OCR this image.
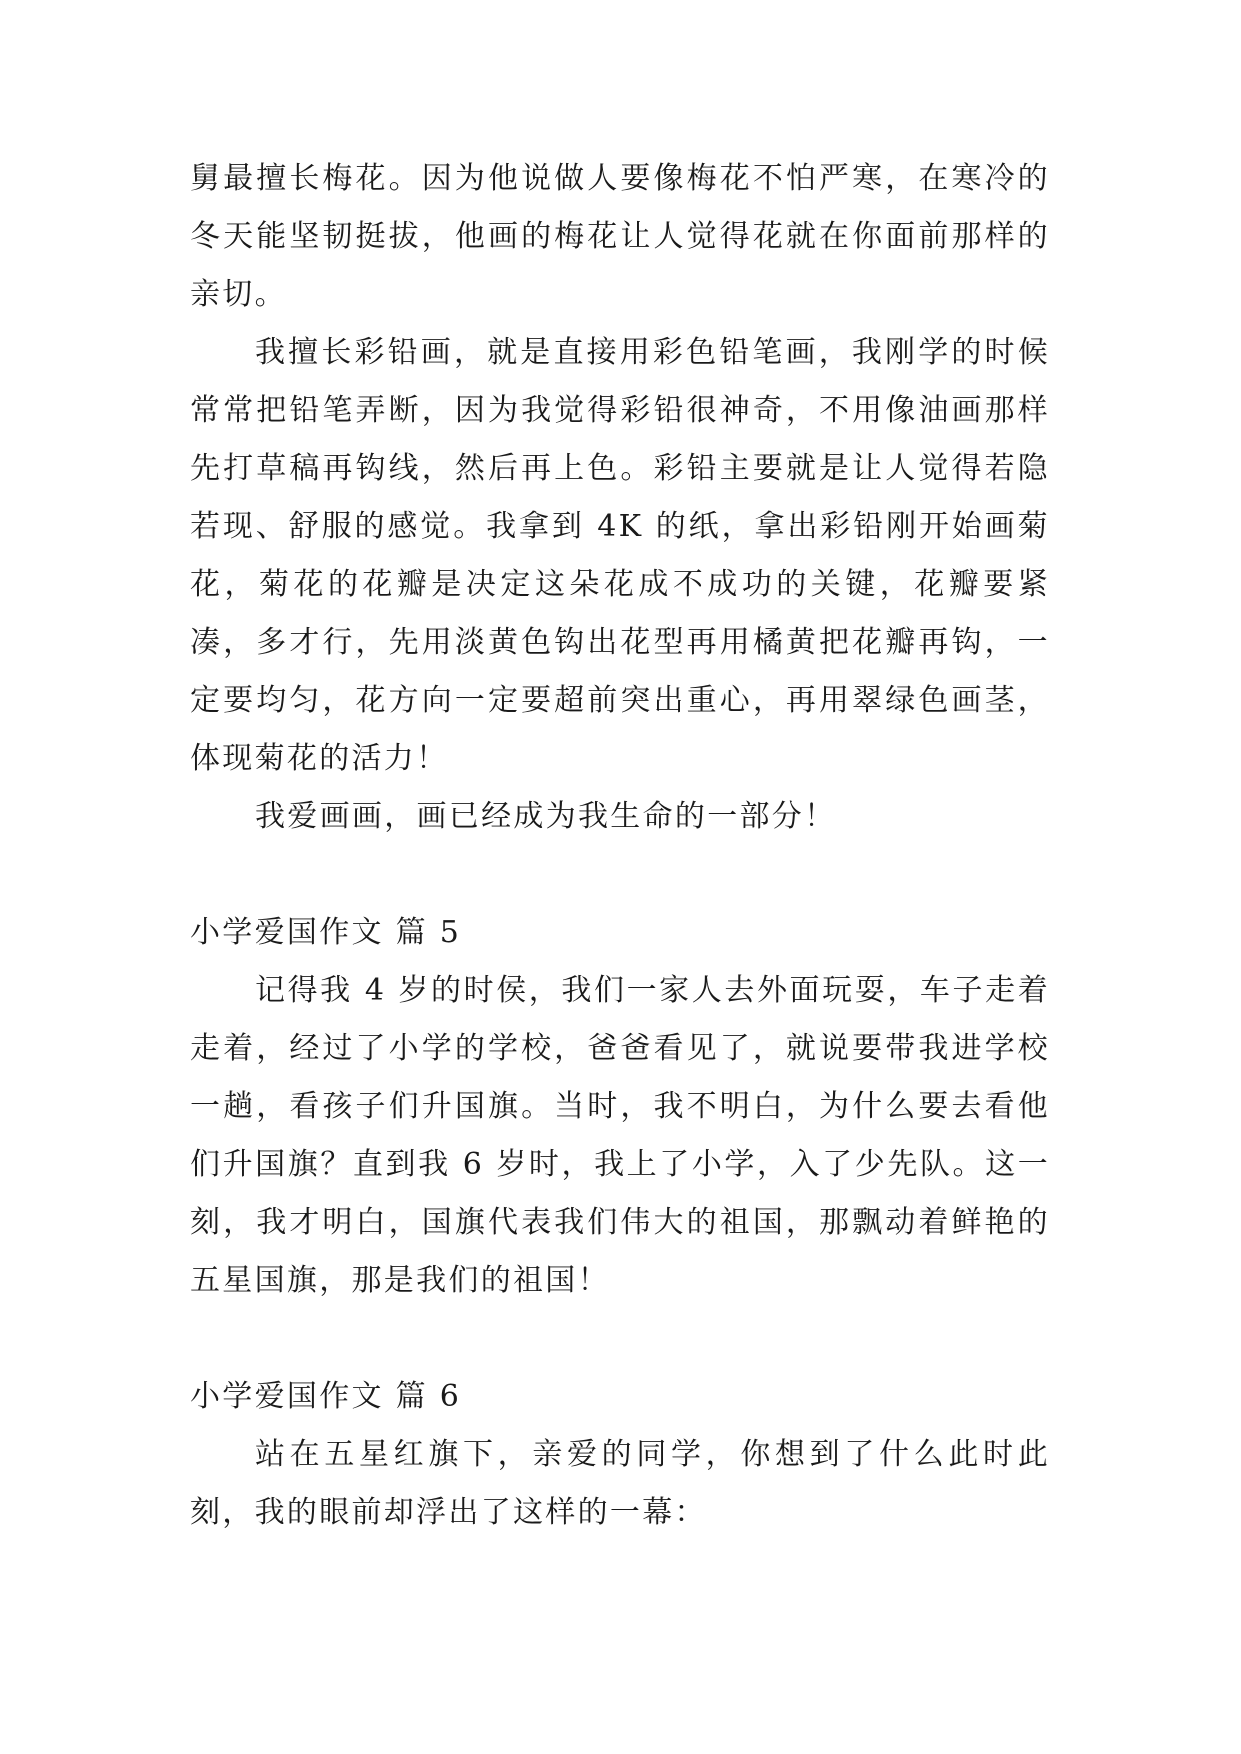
舅最擅长梅花。因为他说做人要像梅花不怕严寒，在寒冷的冬天能坚韧挺拔，他画的梅花让人觉得花就在你面前那样的亲切。

我擅长彩铅画，就是直接用彩色铅笔画，我刚学的时候常常把铅笔弄断，因为我觉得彩铅很神奇，不用像油画那样先打草稿再钩线，然后再上色。彩铅主要就是让人觉得若隐若现、舒服的感觉。我拿到 4K 的纸，拿出彩铅刚开始画菊花，菊花的花瓣是决定这朵花成不成功的关键，花瓣要紧凑，多才行，先用淡黄色钩出花型再用橘黄把花瓣再钩，一定要均匀，花方向一定要超前突出重心，再用翠绿色画茎，体现菊花的活力！

我爱画画，画已经成为我生命的一部分！

小学爱国作文 篇 5

记得我 4 岁的时侯，我们一家人去外面玩耍，车子走着走着，经过了小学的学校，爸爸看见了，就说要带我进学校一趟，看孩子们升国旗。当时，我不明白，为什么要去看他们升国旗？直到我 6 岁时，我上了小学，入了少先队。这一刻，我才明白，国旗代表我们伟大的祖国，那飘动着鲜艳的五星国旗，那是我们的祖国！

小学爱国作文 篇 6

站在五星红旗下，亲爱的同学，你想到了什么此时此刻，我的眼前却浮出了这样的一幕：
